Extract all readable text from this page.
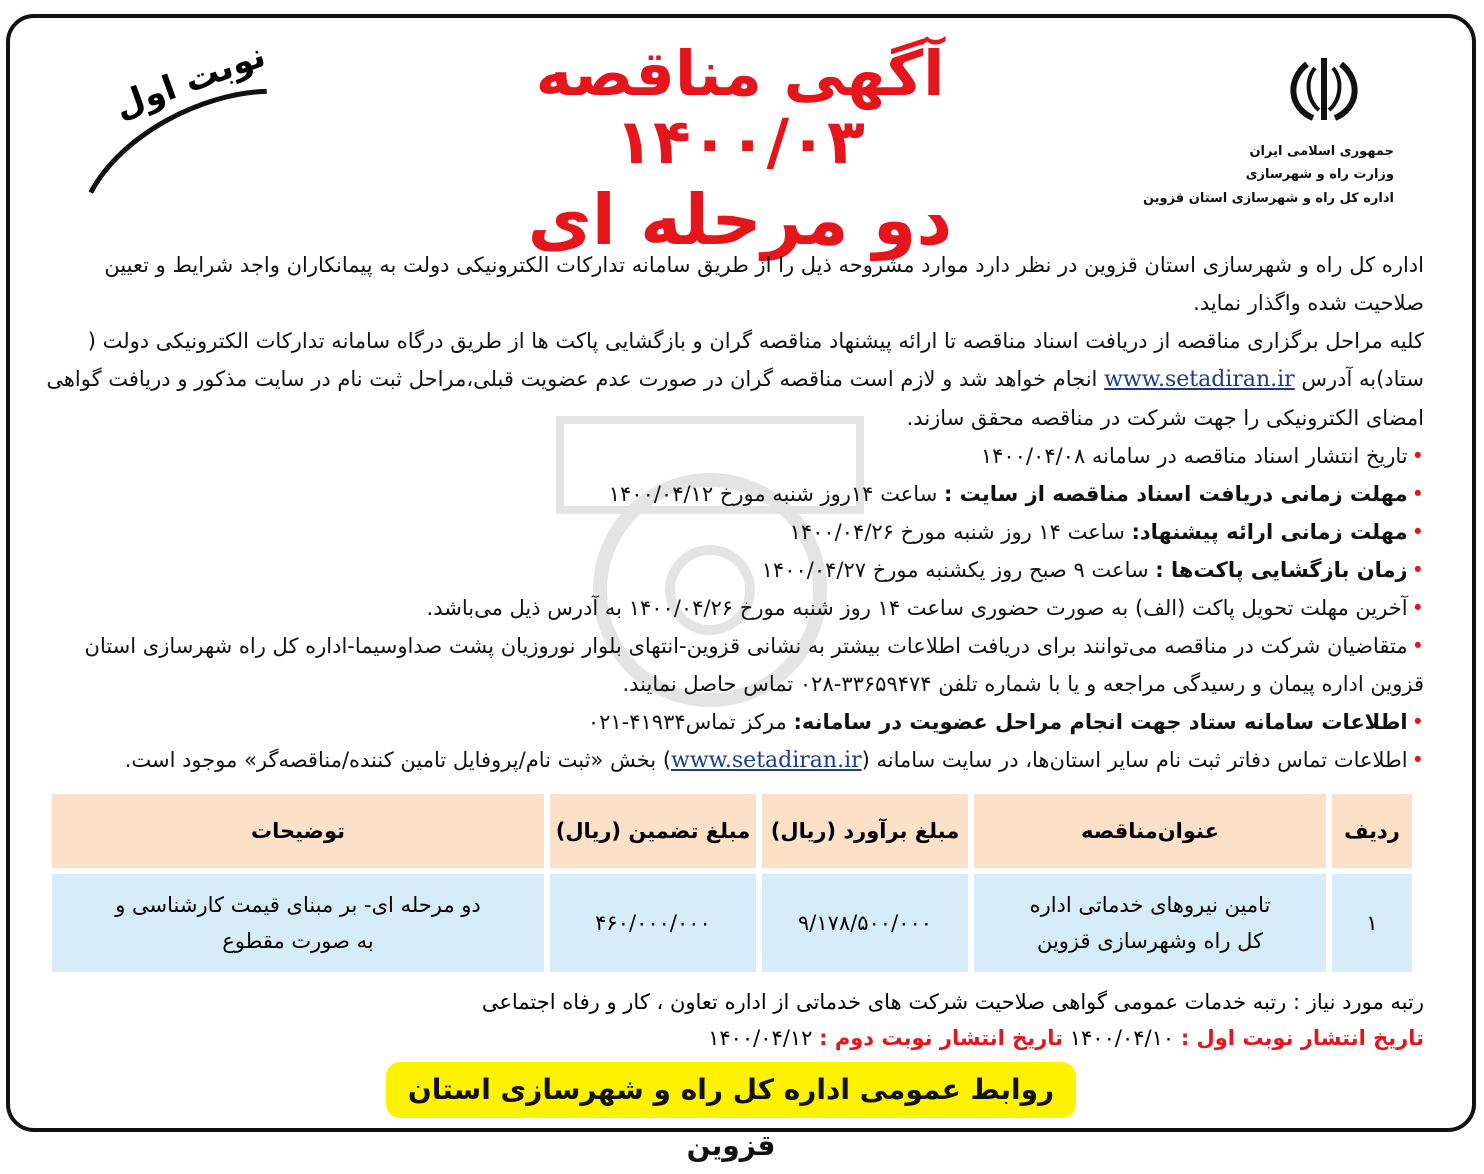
جمهوری اسلامی ایران
وزارت راه و شهرسازی
اداره کل راه و شهرسازی استان قزوین
آگهی مناقصه ۱۴۰۰/۰۳
دو مرحله ای
نوبت اول

اداره کل راه و شهرسازی استان قزوین در نظر دارد موارد مشروحه ذیل را از طریق سامانه تدارکات الکترونیکی دولت به پیمانکاران واجد شرایط و تعیین صلاحیت شده واگذار نماید.

کلیه مراحل برگزاری مناقصه از دریافت اسناد مناقصه تا ارائه پیشنهاد مناقصه گران و بازگشایی پاکت ها از طریق درگاه سامانه تدارکات الکترونیکی دولت ( ستاد)به آدرس www.setadiran.ir انجام خواهد شد و لازم است مناقصه گران در صورت عدم عضویت قبلی،مراحل ثبت نام در سایت مذکور و دریافت گواهی امضای الکترونیکی را جهت شرکت در مناقصه محقق سازند.

• تاریخ انتشار اسناد مناقصه در سامانه ۱۴۰۰/۰۴/۰۸

• مهلت زمانی دریافت اسناد مناقصه از سایت : ساعت ۱۴روز شنبه مورخ ۱۴۰۰/۰۴/۱۲

• مهلت زمانی ارائه پیشنهاد: ساعت ۱۴ روز شنبه مورخ ۱۴۰۰/۰۴/۲۶

• زمان بازگشایی پاکت‌ها : ساعت ۹ صبح روز یکشنبه مورخ ۱۴۰۰/۰۴/۲۷

• آخرین مهلت تحویل پاکت (الف) به صورت حضوری ساعت ۱۴ روز شنبه مورخ ۱۴۰۰/۰۴/۲۶ به آدرس ذیل می‌باشد.

• متقاضیان شرکت در مناقصه می‌توانند برای دریافت اطلاعات بیشتر به نشانی قزوین-انتهای بلوار نوروزیان پشت صداوسیما-اداره کل راه شهرسازی استان قزوین اداره پیمان و رسیدگی مراجعه و یا با شماره تلفن ۳۳۶۵۹۴۷۴-۰۲۸ تماس حاصل نمایند.

• اطلاعات سامانه ستاد جهت انجام مراحل عضویت در سامانه: مرکز تماس۴۱۹۳۴-۰۲۱

• اطلاعات تماس دفاتر ثبت نام سایر استان‌ها، در سایت سامانه (www.setadiran.ir) بخش «ثبت نام/پروفایل تامین کننده/مناقصه‌گر» موجود است.

ردیف	عنوان‌مناقصه	مبلغ برآورد (ریال)	مبلغ تضمین (ریال)	توضیحات
۱	تامین نیروهای خدماتی اداره کل راه وشهرسازی قزوین	۹/۱۷۸/۵۰۰/۰۰۰	۴۶۰/۰۰۰/۰۰۰	دو مرحله ای- بر مبنای قیمت کارشناسی و به صورت مقطوع
رتبه مورد نیاز : رتبه خدمات عمومی گواهی صلاحیت شرکت های خدماتی از اداره تعاون ، کار و رفاه اجتماعی
تاریخ انتشار نوبت اول : ۱۴۰۰/۰۴/۱۰ تاریخ انتشار نوبت دوم : ۱۴۰۰/۰۴/۱۲
روابط عمومی اداره کل راه و شهرسازی استان قزوین
